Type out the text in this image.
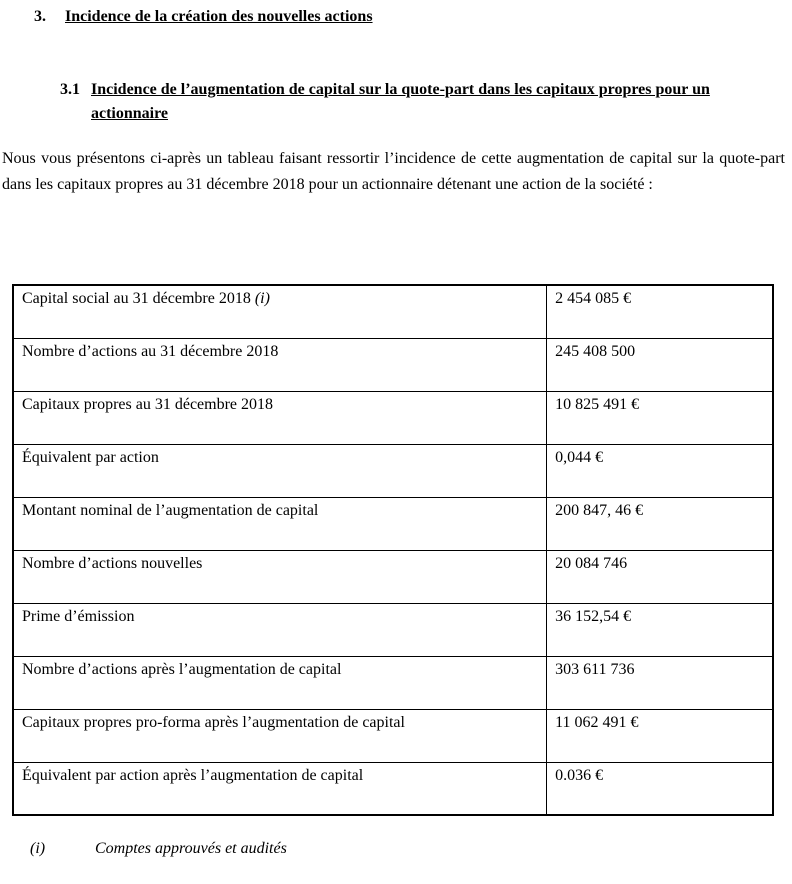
3. Incidence de la création des nouvelles actions
3.1 Incidence de l’augmentation de capital sur la quote-part dans les capitaux propres pour un actionnaire

Nous vous présentons ci-après un tableau faisant ressortir l’incidence de cette augmentation de capital sur la quote-part dans les capitaux propres au 31 décembre 2018 pour un actionnaire détenant une action de la société :

Capital social au 31 décembre 2018 (i)	2 454 085 €
Nombre d’actions au 31 décembre 2018	245 408 500
Capitaux propres au 31 décembre 2018	10 825 491 €
Équivalent par action	0,044 €
Montant nominal de l’augmentation de capital	200 847, 46 €
Nombre d’actions nouvelles	20 084 746
Prime d’émission	36 152,54 €
Nombre d’actions après l’augmentation de capital	303 611 736
Capitaux propres pro-forma après l’augmentation de capital	11 062 491 €
Équivalent par action après l’augmentation de capital	0.036 €
(i)	Comptes approuvés et audités
